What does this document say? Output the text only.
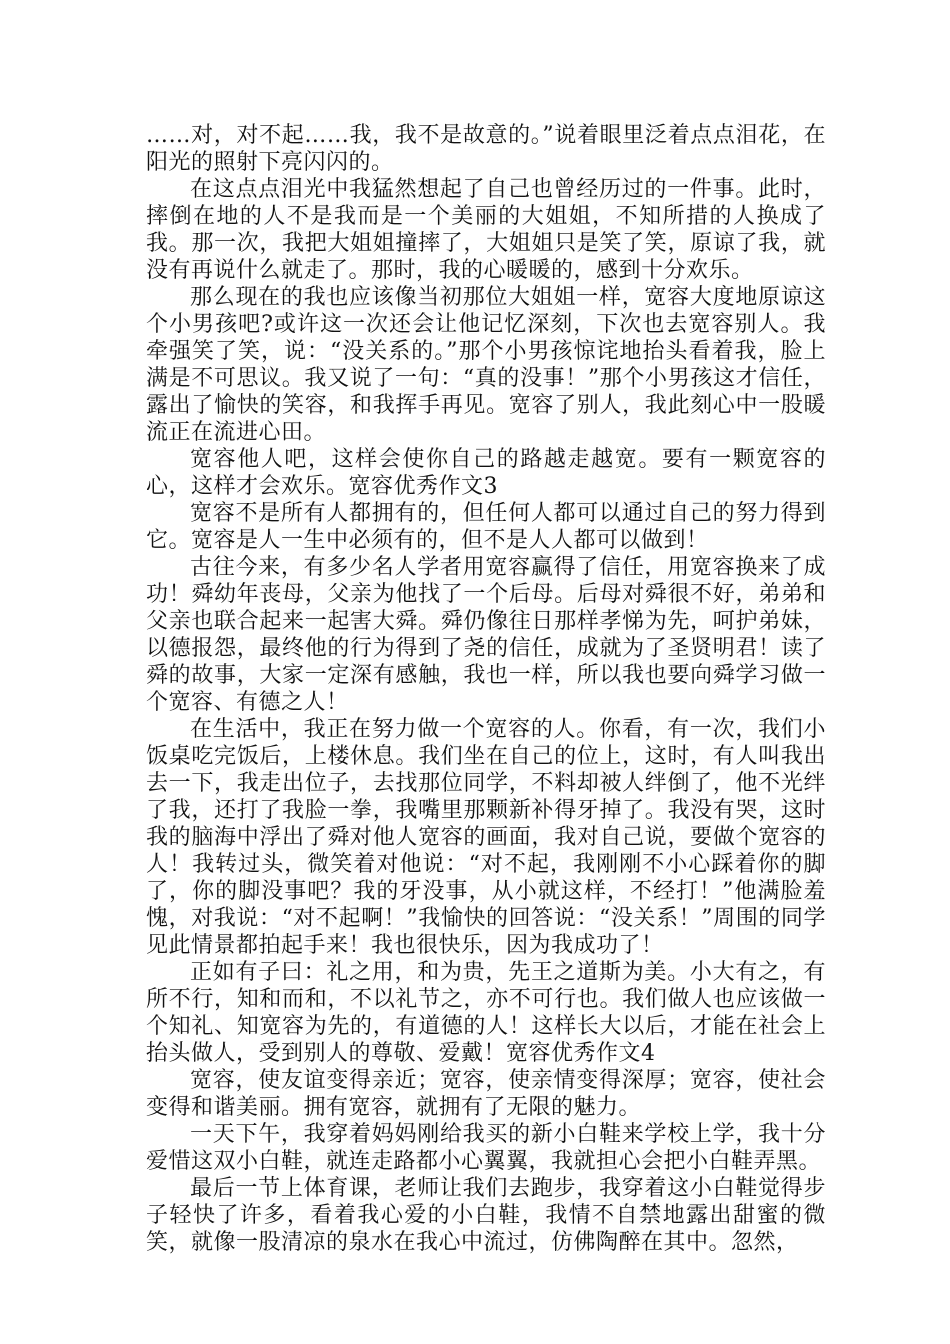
……对，对不起……我，我不是故意的。”说着眼里泛着点点泪花，在阳光的照射下亮闪闪的。

在这点点泪光中我猛然想起了自己也曾经历过的一件事。此时，摔倒在地的人不是我而是一个美丽的大姐姐，不知所措的人换成了我。那一次，我把大姐姐撞摔了，大姐姐只是笑了笑，原谅了我，就没有再说什么就走了。那时，我的心暖暖的，感到十分欢乐。

那么现在的我也应该像当初那位大姐姐一样，宽容大度地原谅这个小男孩吧?或许这一次还会让他记忆深刻，下次也去宽容别人。我牵强笑了笑，说：“没关系的。”那个小男孩惊诧地抬头看着我，脸上满是不可思议。我又说了一句：“真的没事！”那个小男孩这才信任，露出了愉快的笑容，和我挥手再见。宽容了别人，我此刻心中一股暖流正在流进心田。

宽容他人吧，这样会使你自己的路越走越宽。要有一颗宽容的心，这样才会欢乐。宽容优秀作文3

宽容不是所有人都拥有的，但任何人都可以通过自己的努力得到它。宽容是人一生中必须有的，但不是人人都可以做到！

古往今来，有多少名人学者用宽容赢得了信任，用宽容换来了成功！舜幼年丧母，父亲为他找了一个后母。后母对舜很不好，弟弟和父亲也联合起来一起害大舜。舜仍像往日那样孝悌为先，呵护弟妹，以德报怨，最终他的行为得到了尧的信任，成就为了圣贤明君！读了舜的故事，大家一定深有感触，我也一样，所以我也要向舜学习做一个宽容、有德之人！

在生活中，我正在努力做一个宽容的人。你看，有一次，我们小饭桌吃完饭后，上楼休息。我们坐在自己的位上，这时，有人叫我出去一下，我走出位子，去找那位同学，不料却被人绊倒了，他不光绊了我，还打了我脸一拳，我嘴里那颗新补得牙掉了。我没有哭，这时我的脑海中浮出了舜对他人宽容的画面，我对自己说，要做个宽容的人！我转过头，微笑着对他说：“对不起，我刚刚不小心踩着你的脚了，你的脚没事吧？我的牙没事，从小就这样，不经打！”他满脸羞愧，对我说：“对不起啊！”我愉快的回答说：“没关系！”周围的同学见此情景都拍起手来！我也很快乐，因为我成功了！

正如有子曰：礼之用，和为贵，先王之道斯为美。小大有之，有所不行，知和而和，不以礼节之，亦不可行也。我们做人也应该做一个知礼、知宽容为先的，有道德的人！这样长大以后，才能在社会上抬头做人，受到别人的尊敬、爱戴！宽容优秀作文4

宽容，使友谊变得亲近；宽容，使亲情变得深厚；宽容，使社会变得和谐美丽。拥有宽容，就拥有了无限的魅力。

一天下午，我穿着妈妈刚给我买的新小白鞋来学校上学，我十分爱惜这双小白鞋，就连走路都小心翼翼，我就担心会把小白鞋弄黑。

最后一节上体育课，老师让我们去跑步，我穿着这小白鞋觉得步子轻快了许多，看着我心爱的小白鞋，我情不自禁地露出甜蜜的微笑，就像一股清凉的泉水在我心中流过，仿佛陶醉在其中。忽然，
